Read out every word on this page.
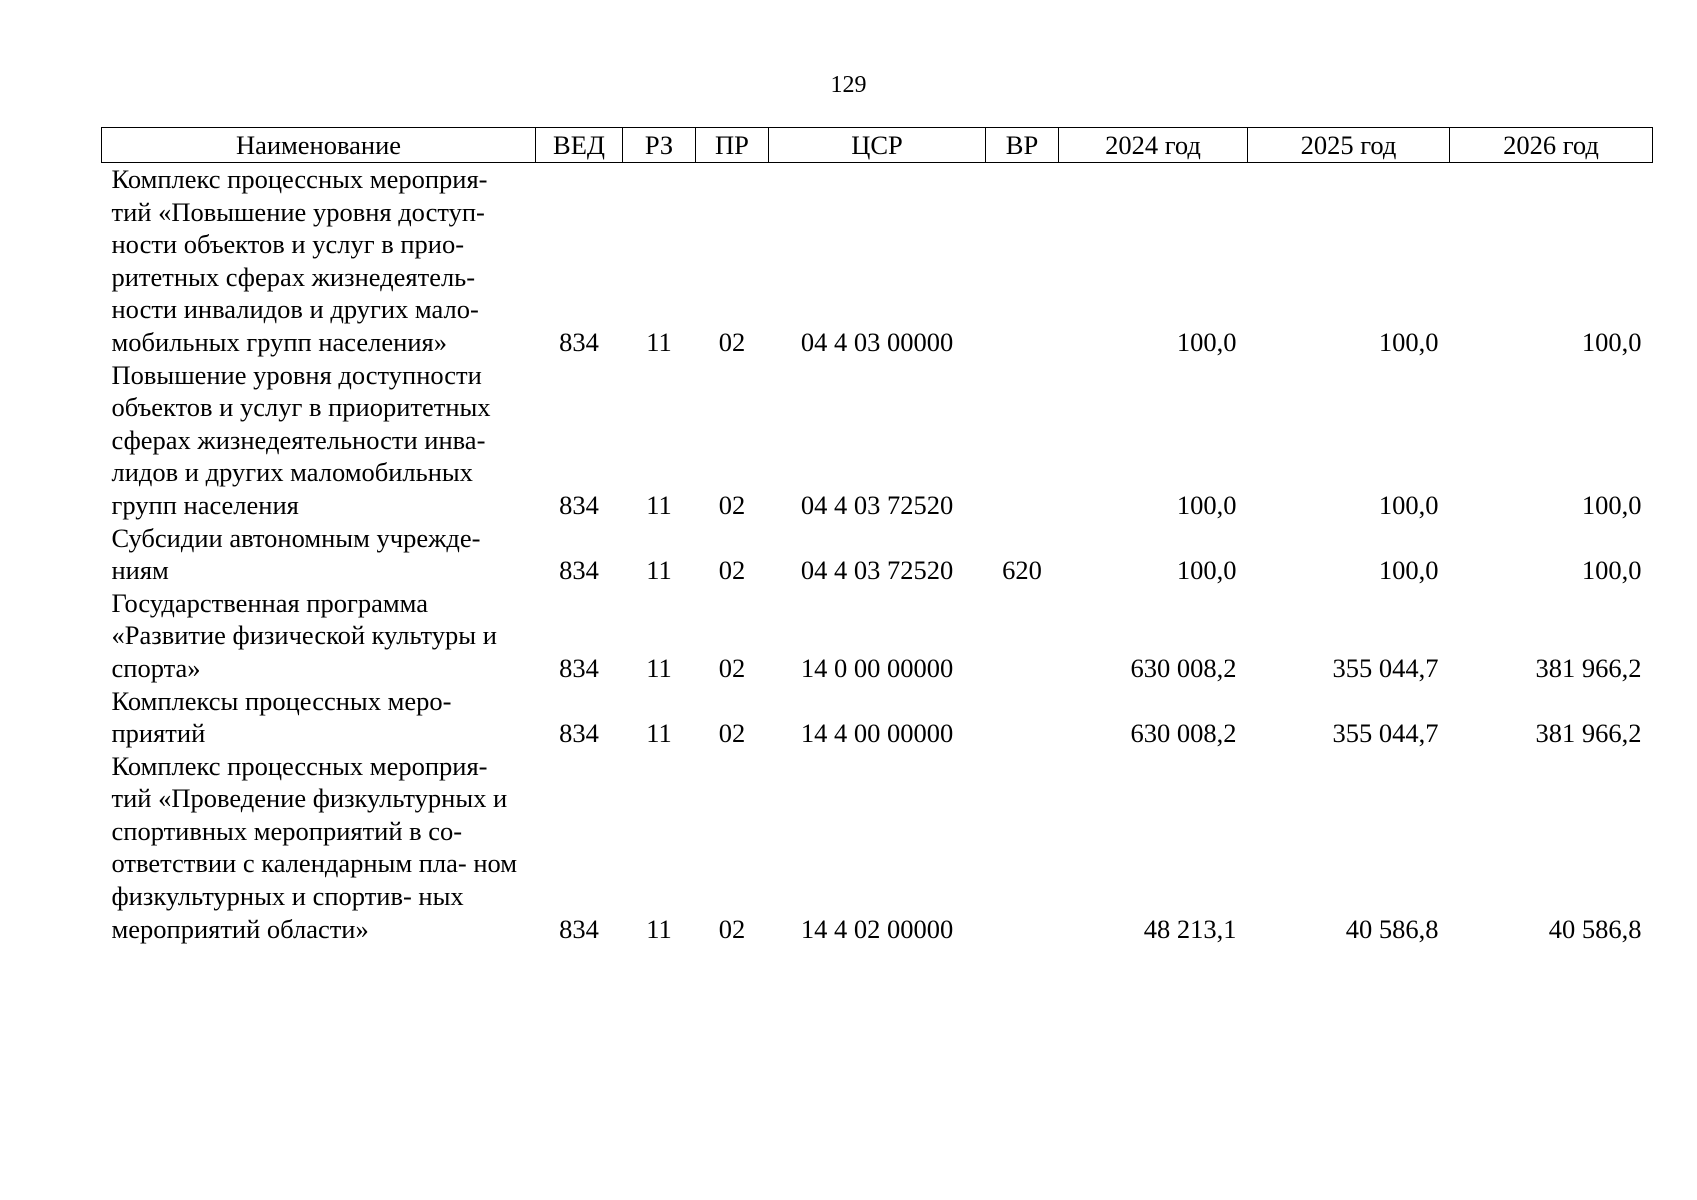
129
Наименование	ВЕД	РЗ	ПР	ЦСР	ВР	2024 год	2025 год	2026 год
Комплекс процессных мероприя- тий «Повышение уровня доступ- ности объектов и услуг в прио- ритетных сферах жизнедеятель- ности инвалидов и других мало- мобильных групп населения»	834	11	02	04 4 03 00000		100,0	100,0	100,0
Повышение уровня доступности объектов и услуг в приоритетных сферах жизнедеятельности инва- лидов и других маломобильных групп населения	834	11	02	04 4 03 72520		100,0	100,0	100,0
Субсидии автономным учрежде- ниям	834	11	02	04 4 03 72520	620	100,0	100,0	100,0
Государственная программа «Развитие физической культуры и спорта»	834	11	02	14 0 00 00000		630 008,2	355 044,7	381 966,2
Комплексы процессных меро- приятий	834	11	02	14 4 00 00000		630 008,2	355 044,7	381 966,2
Комплекс процессных мероприя- тий «Проведение физкультурных и спортивных мероприятий в со- ответствии с календарным пла- ном физкультурных и спортив- ных мероприятий области»	834	11	02	14 4 02 00000		48 213,1	40 586,8	40 586,8
